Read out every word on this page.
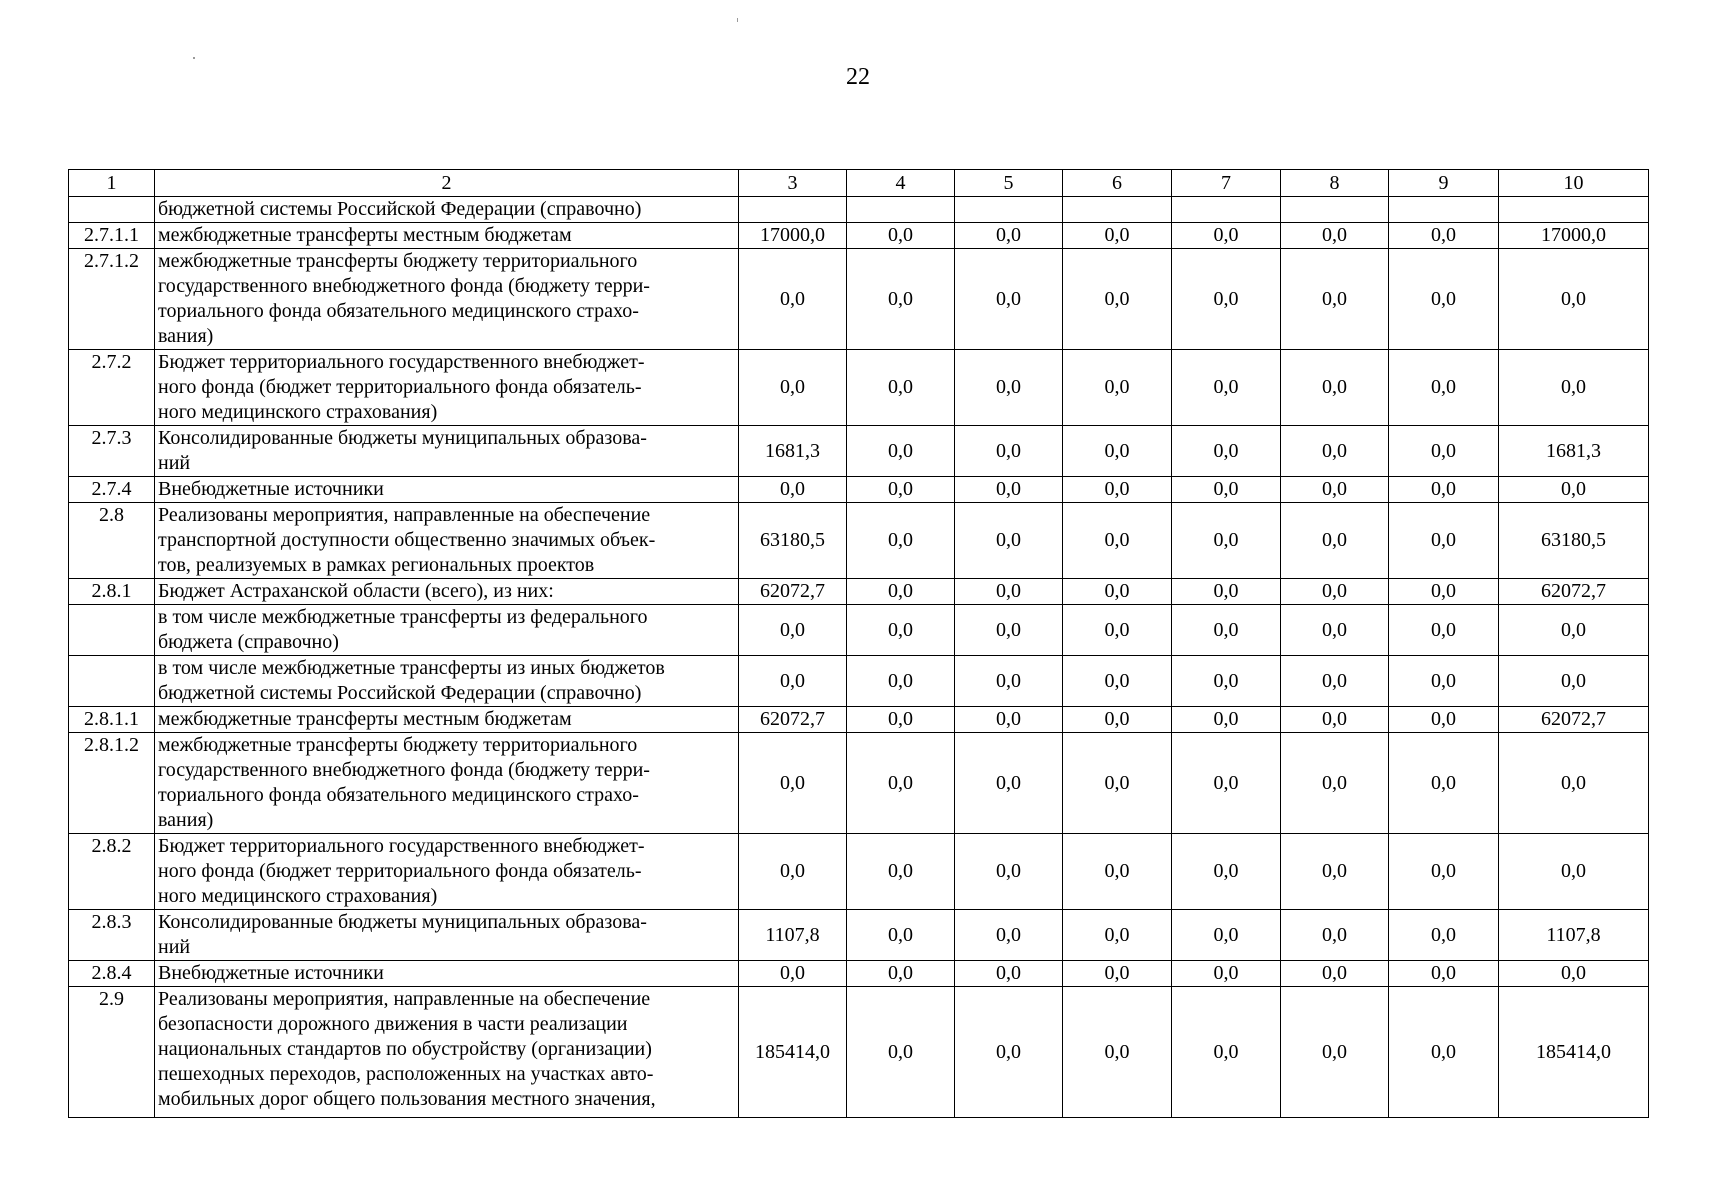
22
1	2	3	4	5	6	7	8	9	10

	бюджетной системы Российской Федерации (справочно)								

2.7.1.1	межбюджетные трансферты местным бюджетам	17000,0	0,0	0,0	0,0	0,0	0,0	0,0	17000,0
2.7.1.2	межбюджетные трансферты бюджету территориального
государственного внебюджетного фонда (бюджету терри-
ториального фонда обязательного медицинского страхо-
вания)	0,0	0,0	0,0	0,0	0,0	0,0	0,0	0,0
2.7.2	Бюджет территориального государственного внебюджет-
ного фонда (бюджет территориального фонда обязатель-
ного медицинского страхования)	0,0	0,0	0,0	0,0	0,0	0,0	0,0	0,0
2.7.3	Консолидированные бюджеты муниципальных образова-
ний	1681,3	0,0	0,0	0,0	0,0	0,0	0,0	1681,3
2.7.4	Внебюджетные источники	0,0	0,0	0,0	0,0	0,0	0,0	0,0	0,0
2.8	Реализованы мероприятия, направленные на обеспечение
транспортной доступности общественно значимых объек-
тов, реализуемых в рамках региональных проектов	63180,5	0,0	0,0	0,0	0,0	0,0	0,0	63180,5
2.8.1	Бюджет Астраханской области (всего), из них:	62072,7	0,0	0,0	0,0	0,0	0,0	0,0	62072,7

	в том числе межбюджетные трансферты из федерального
бюджета (справочно)	0,0	0,0	0,0	0,0	0,0	0,0	0,0	0,0

	в том числе межбюджетные трансферты из иных бюджетов
бюджетной системы Российской Федерации (справочно)	0,0	0,0	0,0	0,0	0,0	0,0	0,0	0,0
2.8.1.1	межбюджетные трансферты местным бюджетам	62072,7	0,0	0,0	0,0	0,0	0,0	0,0	62072,7
2.8.1.2	межбюджетные трансферты бюджету территориального
государственного внебюджетного фонда (бюджету терри-
ториального фонда обязательного медицинского страхо-
вания)	0,0	0,0	0,0	0,0	0,0	0,0	0,0	0,0
2.8.2	Бюджет территориального государственного внебюджет-
ного фонда (бюджет территориального фонда обязатель-
ного медицинского страхования)	0,0	0,0	0,0	0,0	0,0	0,0	0,0	0,0
2.8.3	Консолидированные бюджеты муниципальных образова-
ний	1107,8	0,0	0,0	0,0	0,0	0,0	0,0	1107,8
2.8.4	Внебюджетные источники	0,0	0,0	0,0	0,0	0,0	0,0	0,0	0,0
2.9	Реализованы мероприятия, направленные на обеспечение
безопасности дорожного движения в части реализации
национальных стандартов по обустройству (организации)
пешеходных переходов, расположенных на участках авто-
мобильных дорог общего пользования местного значения,	185414,0	0,0	0,0	0,0	0,0	0,0	0,0	185414,0
